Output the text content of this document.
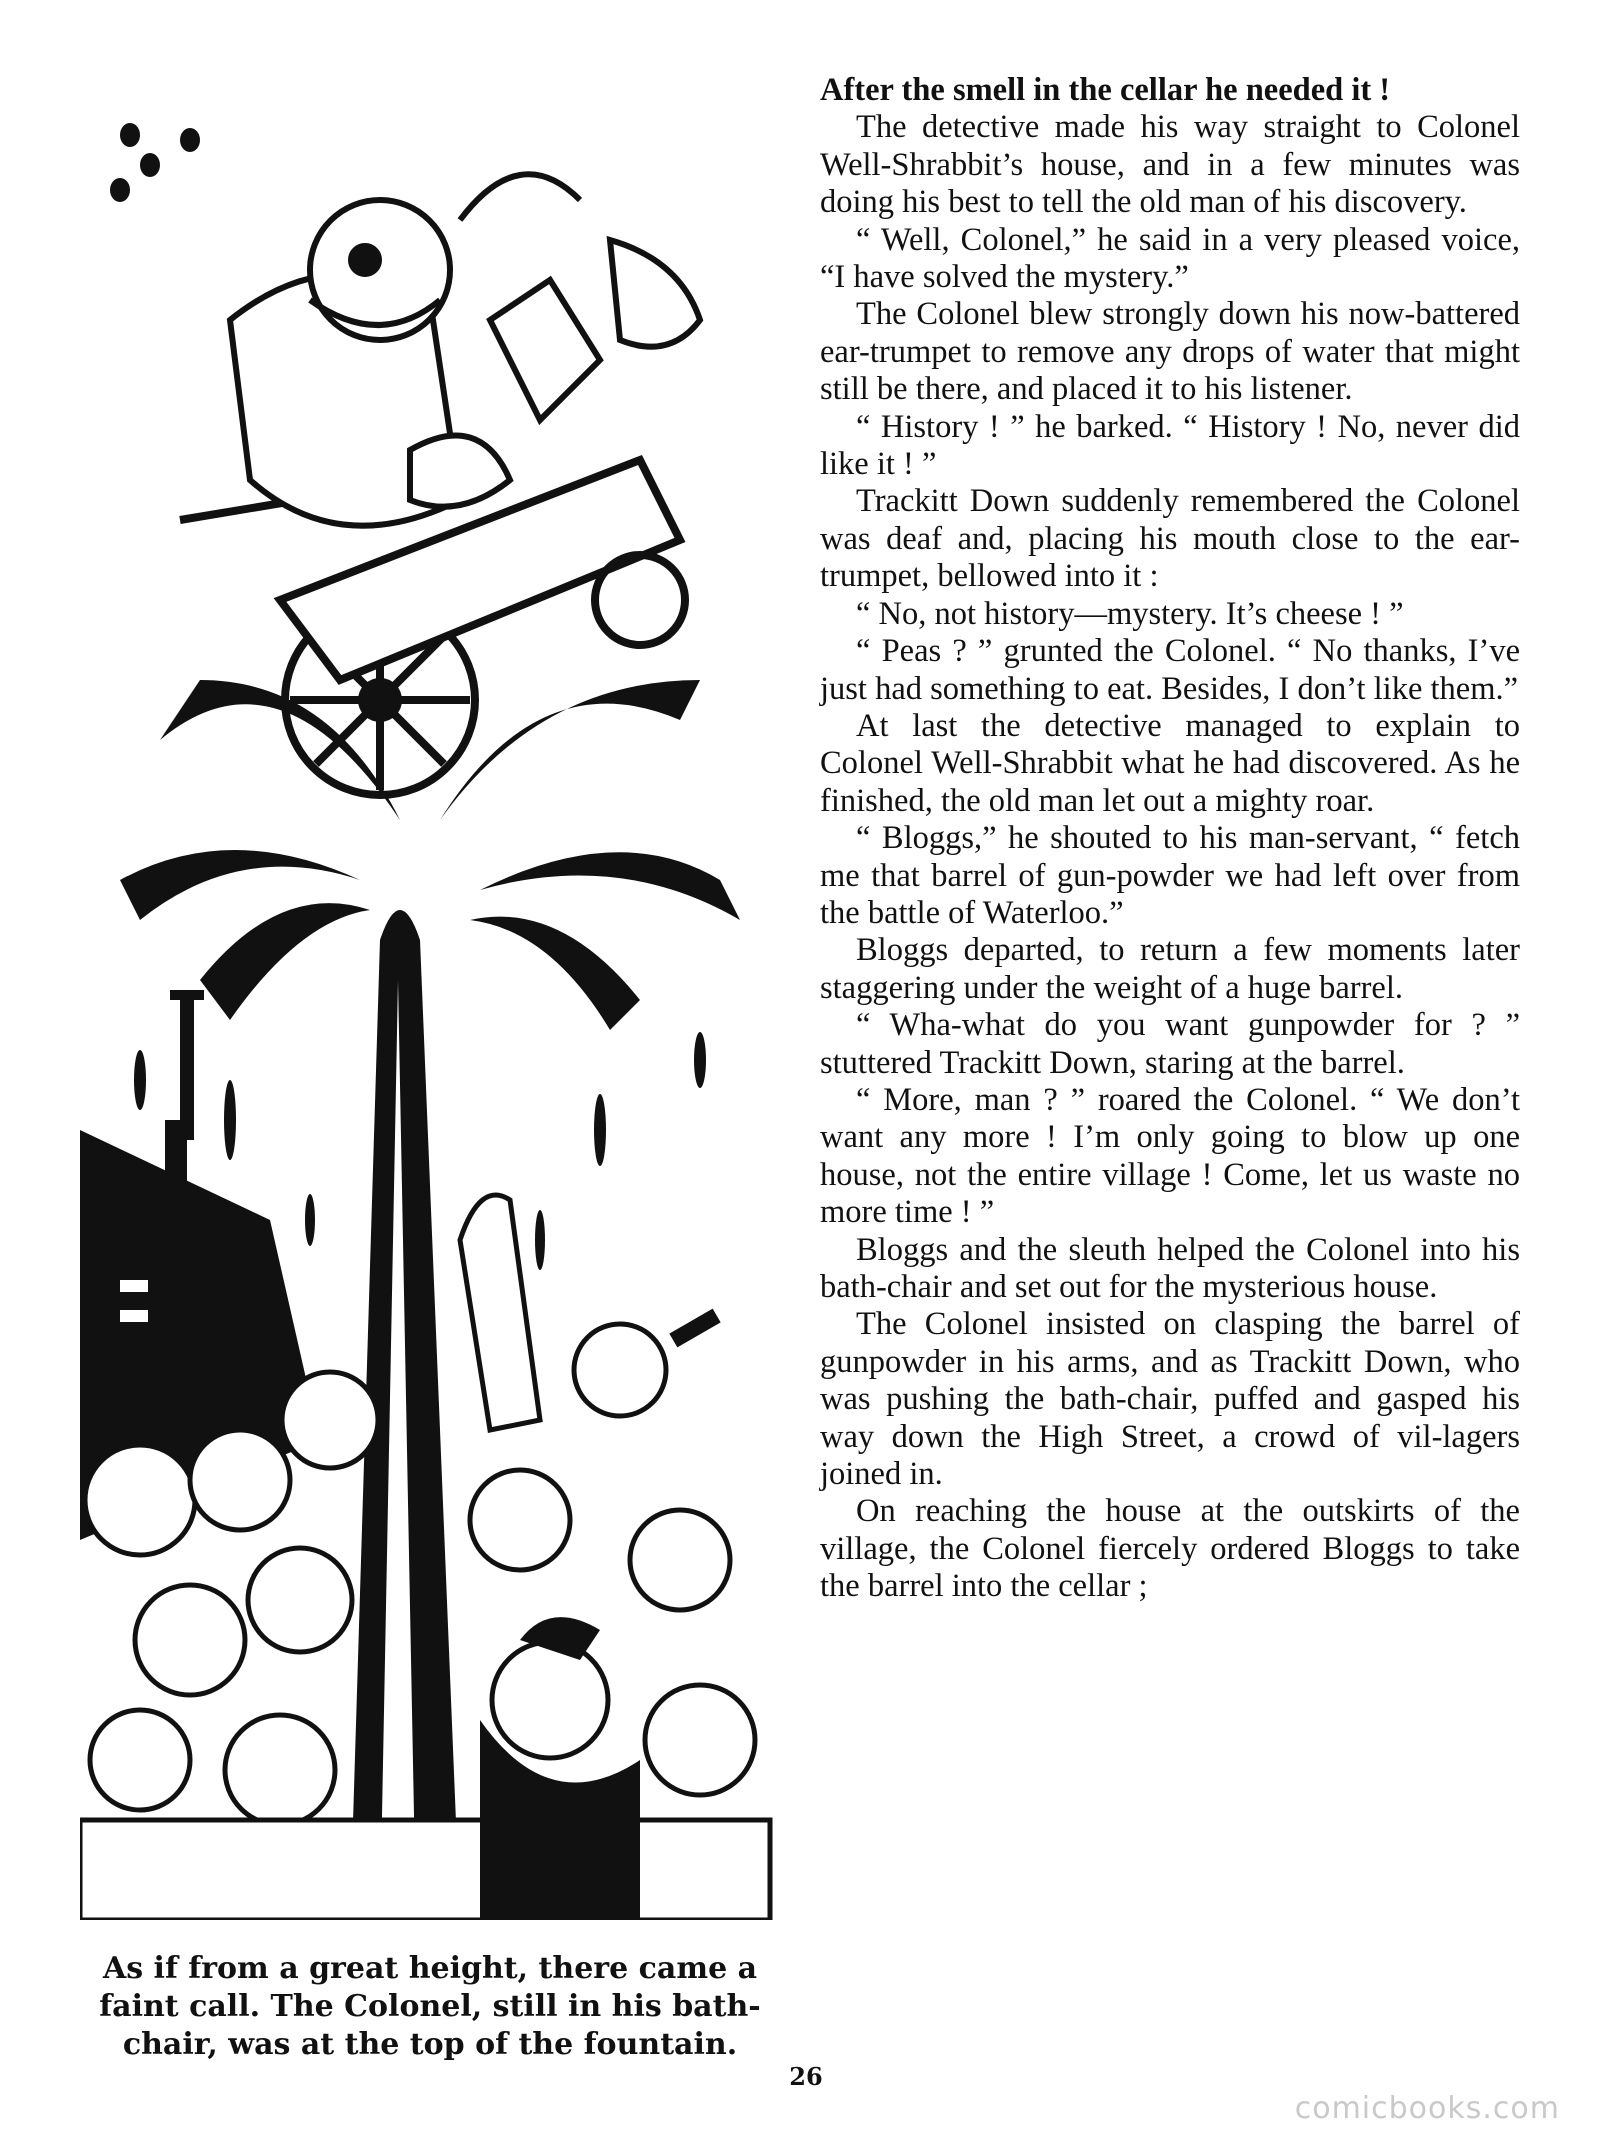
As if from a great height, there came a faint call. The Colonel, still in his bath-chair, was at the top of the fountain.

After the smell in the cellar he needed it !

The detective made his way straight to Colonel Well-Shrabbit’s house, and in a few minutes was doing his best to tell the old man of his discovery.

“ Well, Colonel,” he said in a very pleased voice, “I have solved the mystery.”

The Colonel blew strongly down his now-battered ear-trumpet to remove any drops of water that might still be there, and placed it to his listener.

“ History ! ” he barked. “ History ! No, never did like it ! ”

Trackitt Down suddenly remembered the Colonel was deaf and, placing his mouth close to the ear-trumpet, bellowed into it :

“ No, not history—mystery. It’s cheese ! ”

“ Peas ? ” grunted the Colonel. “ No thanks, I’ve just had something to eat. Besides, I don’t like them.”

At last the detective managed to explain to Colonel Well-Shrabbit what he had discovered. As he finished, the old man let out a mighty roar.

“ Bloggs,” he shouted to his man-servant, “ fetch me that barrel of gun-powder we had left over from the battle of Waterloo.”

Bloggs departed, to return a few moments later staggering under the weight of a huge barrel.

“ Wha-what do you want gunpowder for ? ” stuttered Trackitt Down, staring at the barrel.

“ More, man ? ” roared the Colonel. “ We don’t want any more ! I’m only going to blow up one house, not the entire village ! Come, let us waste no more time ! ”

Bloggs and the sleuth helped the Colonel into his bath-chair and set out for the mysterious house.

The Colonel insisted on clasping the barrel of gunpowder in his arms, and as Trackitt Down, who was pushing the bath-chair, puffed and gasped his way down the High Street, a crowd of vil-lagers joined in.

On reaching the house at the outskirts of the village, the Colonel fiercely ordered Bloggs to take the barrel into the cellar ;

26
comicbooks.com
